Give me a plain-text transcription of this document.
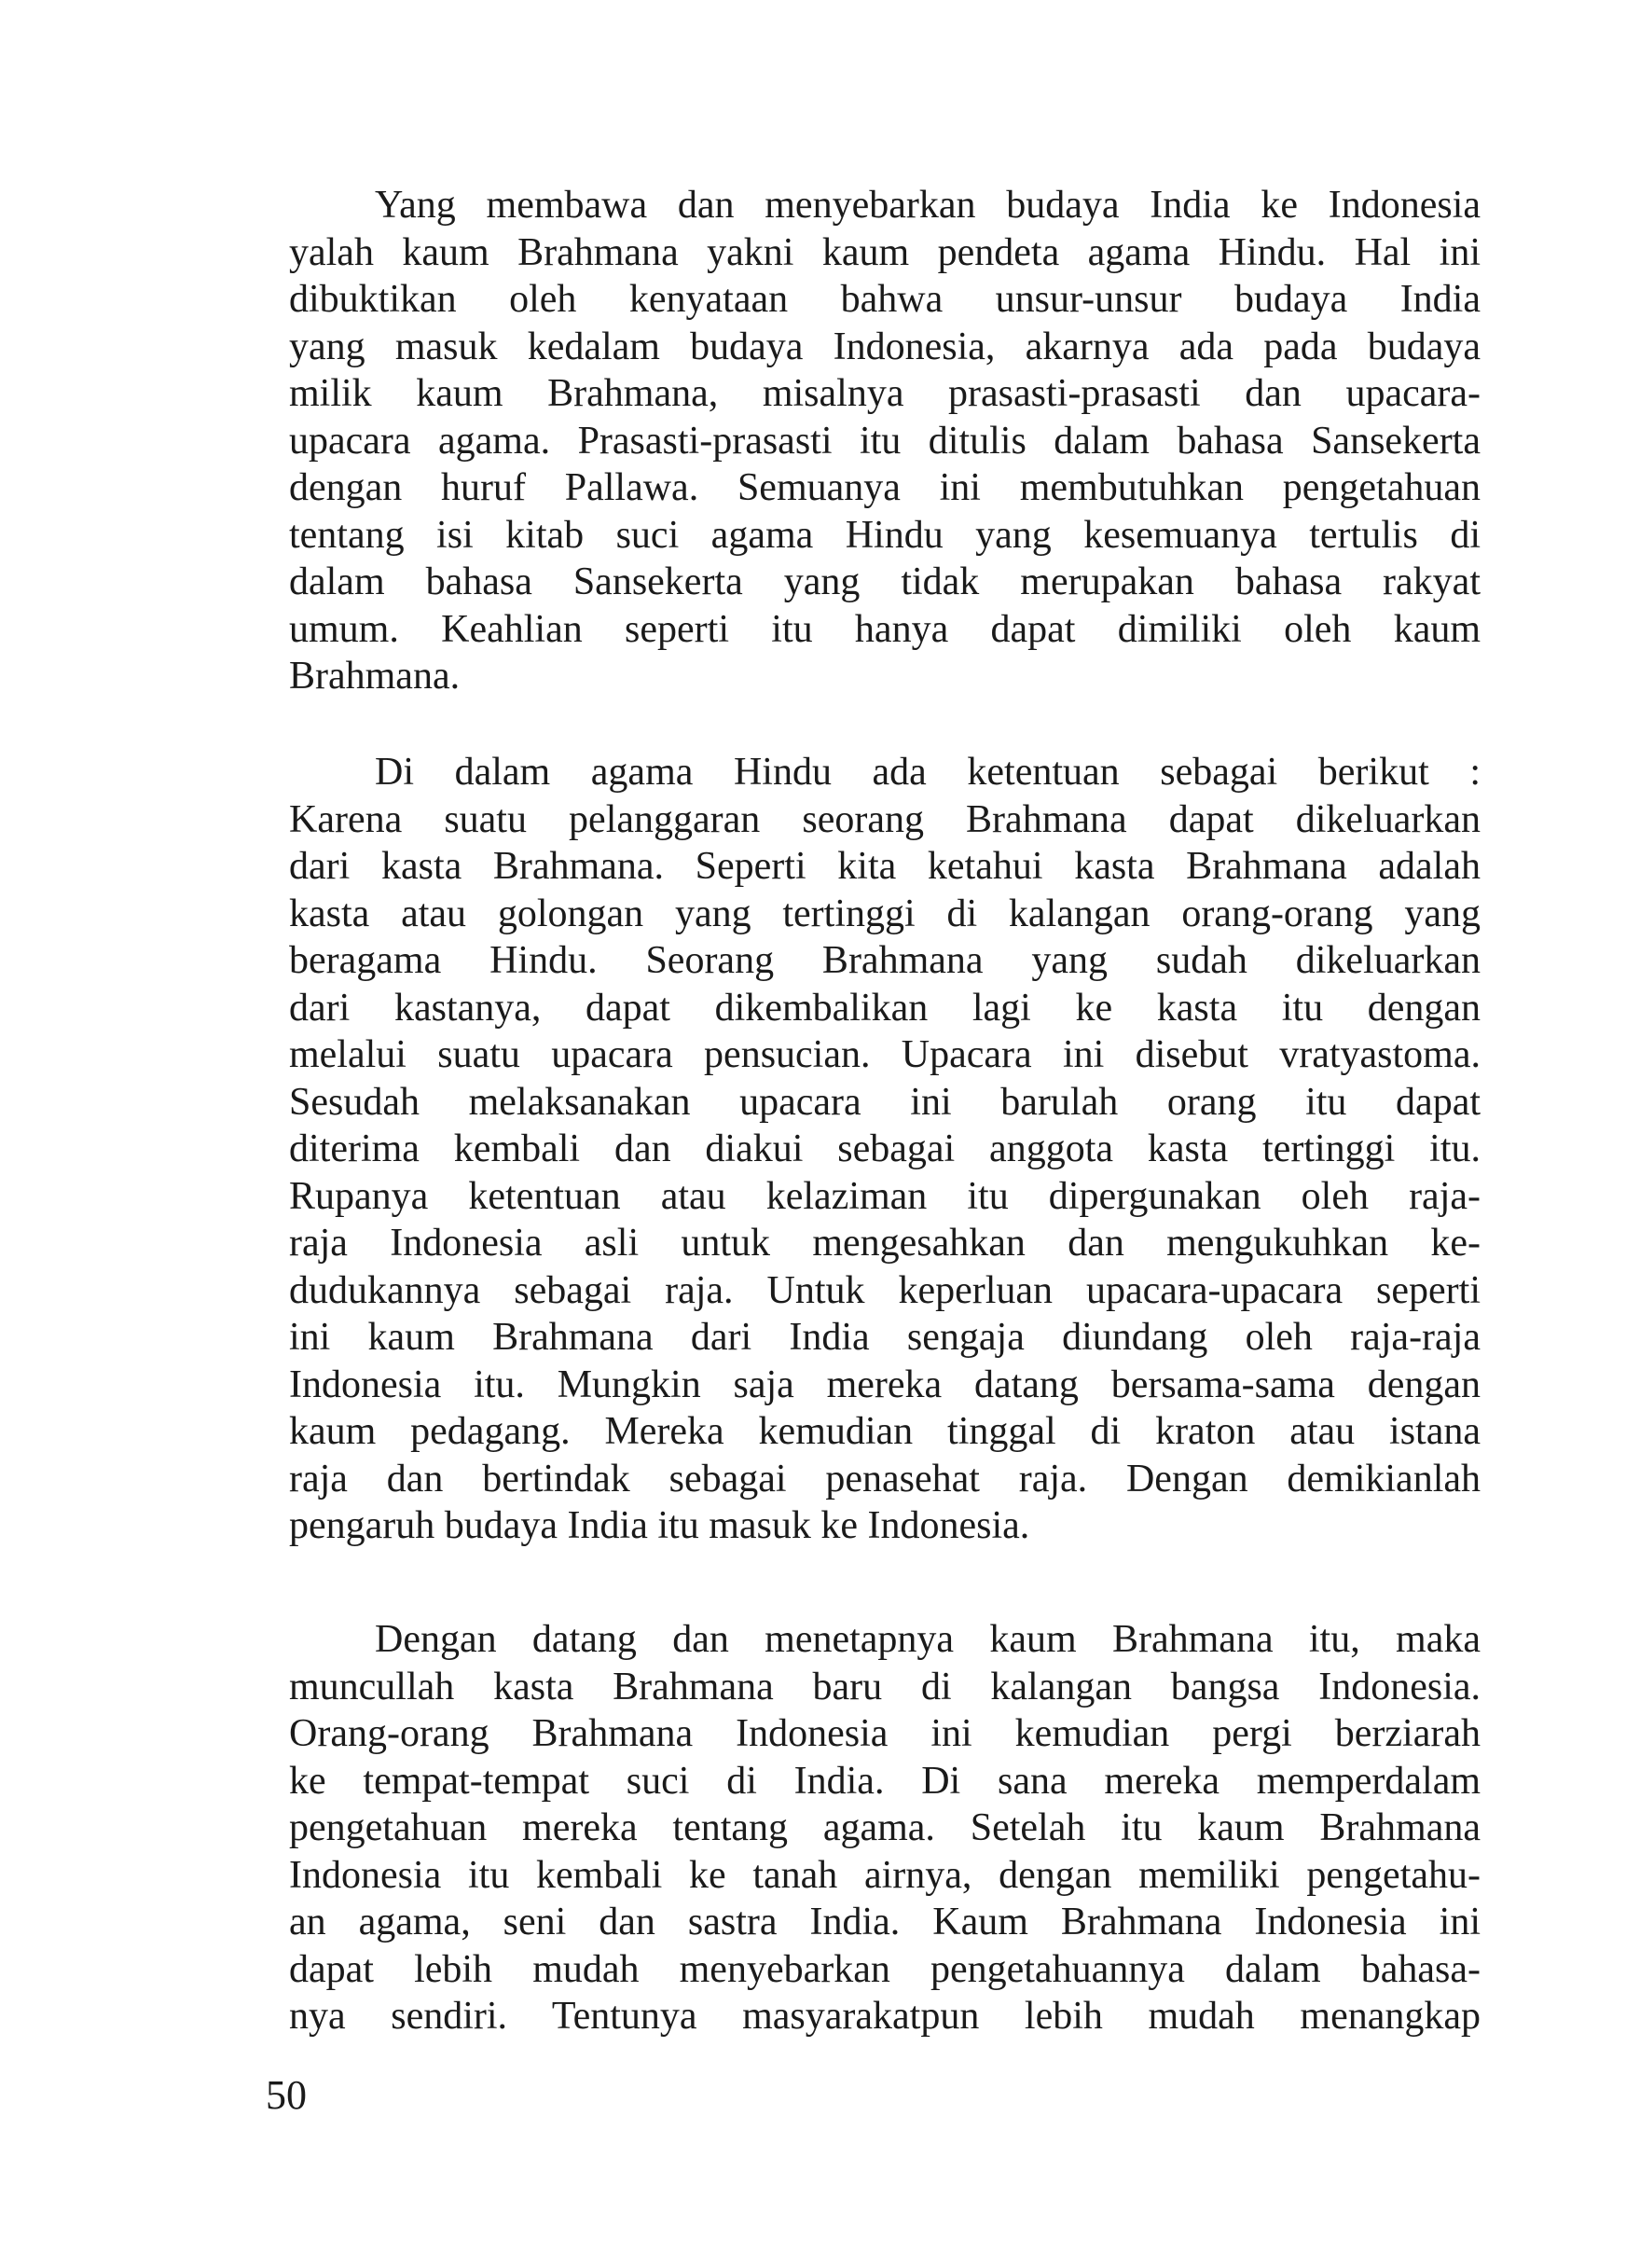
Yang membawa dan menyebarkan budaya India ke Indonesia
yalah kaum Brahmana yakni kaum pendeta agama Hindu. Hal ini
dibuktikan oleh kenyataan bahwa unsur-unsur budaya India
yang masuk kedalam budaya Indonesia, akarnya ada pada budaya
milik kaum Brahmana, misalnya prasasti-prasasti dan upacara-
upacara agama. Prasasti-prasasti itu ditulis dalam bahasa Sansekerta
dengan huruf Pallawa. Semuanya ini membutuhkan pengetahuan
tentang isi kitab suci agama Hindu yang kesemuanya tertulis di
dalam bahasa Sansekerta yang tidak merupakan bahasa rakyat
umum. Keahlian seperti itu hanya dapat dimiliki oleh kaum
Brahmana.
Di dalam agama Hindu ada ketentuan sebagai berikut :
Karena suatu pelanggaran seorang Brahmana dapat dikeluarkan
dari kasta Brahmana. Seperti kita ketahui kasta Brahmana adalah
kasta atau golongan yang tertinggi di kalangan orang-orang yang
beragama Hindu. Seorang Brahmana yang sudah dikeluarkan
dari kastanya, dapat dikembalikan lagi ke kasta itu dengan
melalui suatu upacara pensucian. Upacara ini disebut vratyastoma.
Sesudah melaksanakan upacara ini barulah orang itu dapat
diterima kembali dan diakui sebagai anggota kasta tertinggi itu.
Rupanya ketentuan atau kelaziman itu dipergunakan oleh raja-
raja Indonesia asli untuk mengesahkan dan mengukuhkan ke-
dudukannya sebagai raja. Untuk keperluan upacara-upacara seperti
ini kaum Brahmana dari India sengaja diundang oleh raja-raja
Indonesia itu. Mungkin saja mereka datang bersama-sama dengan
kaum pedagang. Mereka kemudian tinggal di kraton atau istana
raja dan bertindak sebagai penasehat raja. Dengan demikianlah
pengaruh budaya India itu masuk ke Indonesia.
Dengan datang dan menetapnya kaum Brahmana itu, maka
muncullah kasta Brahmana baru di kalangan bangsa Indonesia.
Orang-orang Brahmana Indonesia ini kemudian pergi berziarah
ke tempat-tempat suci di India. Di sana mereka memperdalam
pengetahuan mereka tentang agama. Setelah itu kaum Brahmana
Indonesia itu kembali ke tanah airnya, dengan memiliki pengetahu-
an agama, seni dan sastra India. Kaum Brahmana Indonesia ini
dapat lebih mudah menyebarkan pengetahuannya dalam bahasa-
nya sendiri. Tentunya masyarakatpun lebih mudah menangkap
50
